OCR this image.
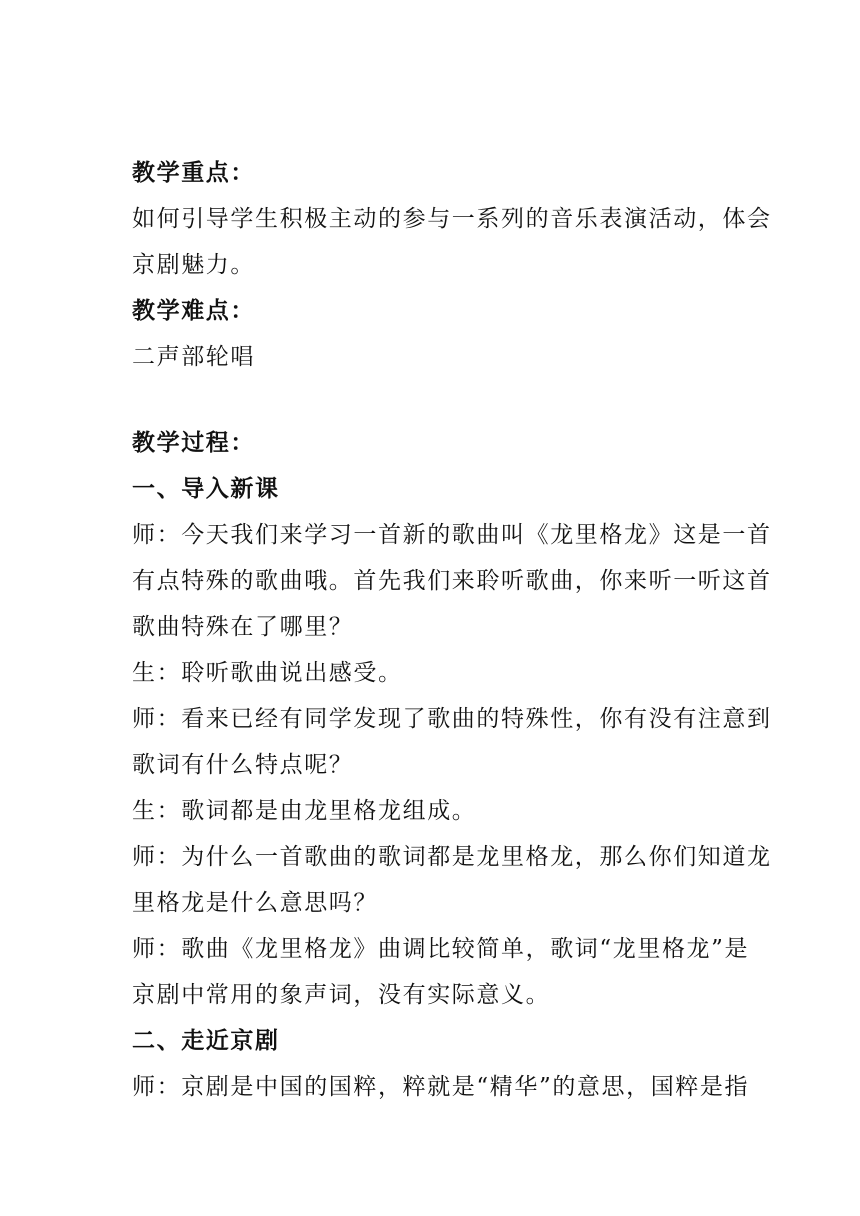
教学重点：
如何引导学生积极主动的参与一系列的音乐表演活动，体会
京剧魅力。
教学难点：
二声部轮唱
教学过程：
一、导入新课
师：今天我们来学习一首新的歌曲叫《龙里格龙》这是一首
有点特殊的歌曲哦。首先我们来聆听歌曲，你来听一听这首
歌曲特殊在了哪里？
生：聆听歌曲说出感受。
师：看来已经有同学发现了歌曲的特殊性，你有没有注意到
歌词有什么特点呢？
生：歌词都是由龙里格龙组成。
师：为什么一首歌曲的歌词都是龙里格龙，那么你们知道龙
里格龙是什么意思吗？
师：歌曲《龙里格龙》曲调比较简单，歌词“龙里格龙”是
京剧中常用的象声词，没有实际意义。
二、走近京剧
师：京剧是中国的国粹，粹就是“精华”的意思，国粹是指
